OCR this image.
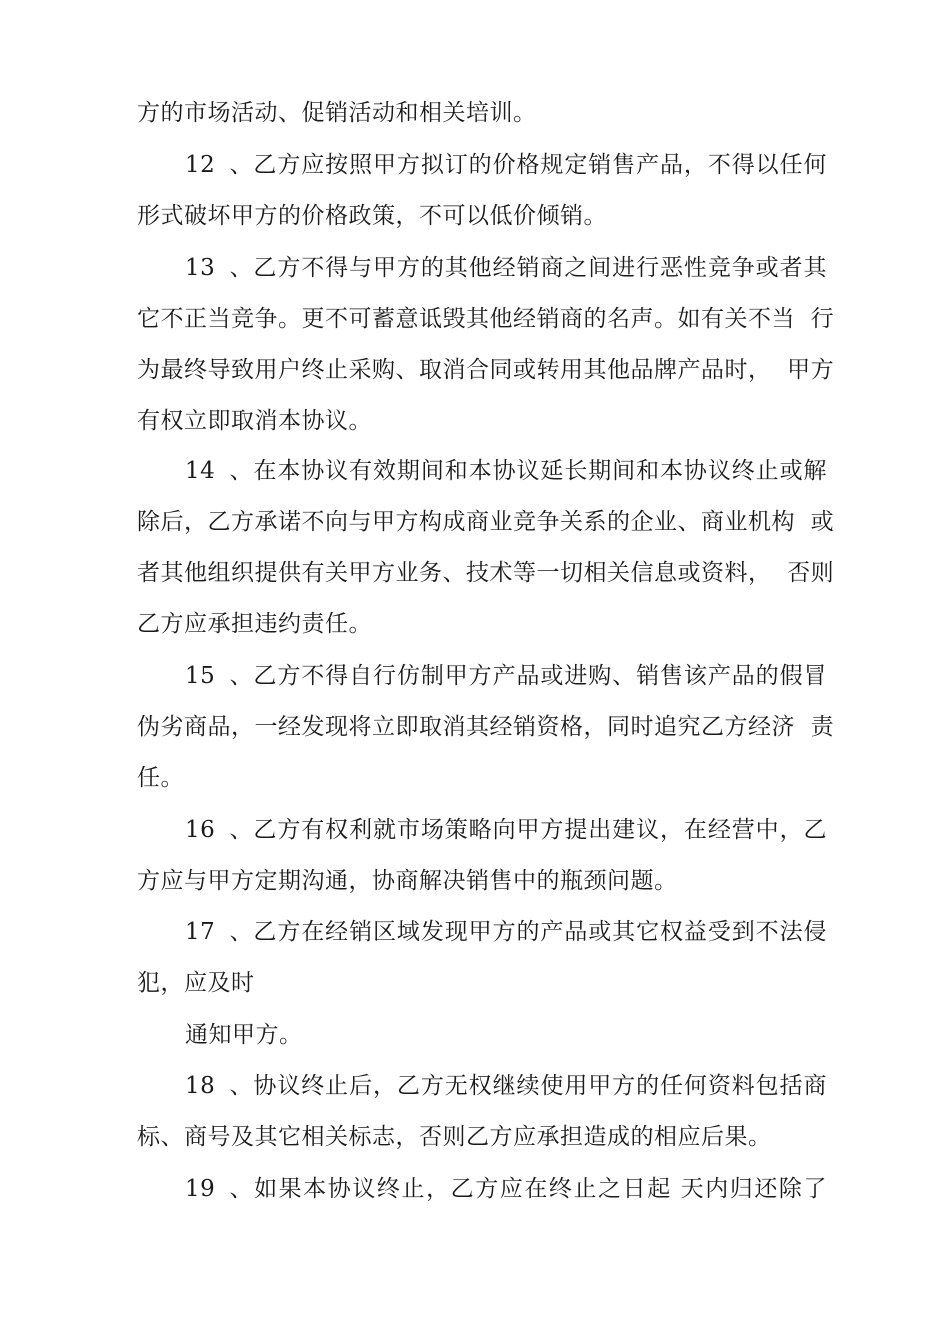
方的市场活动、促销活动和相关培训。
12、乙方应按照甲方拟订的价格规定销售产品，不得以任何
形式破坏甲方的价格政策，不可以低价倾销。
13、乙方不得与甲方的其他经销商之间进行恶性竞争或者其
它不正当竞争。更不可蓄意诋毁其他经销商的名声。如有关不当  行
为最终导致用户终止采购、取消合同或转用其他品牌产品时，  甲方
有权立即取消本协议。
14、在本协议有效期间和本协议延长期间和本协议终止或解
除后，乙方承诺不向与甲方构成商业竞争关系的企业、商业机构  或
者其他组织提供有关甲方业务、技术等一切相关信息或资料，  否则
乙方应承担违约责任。
15、乙方不得自行仿制甲方产品或进购、销售该产品的假冒
伪劣商品，一经发现将立即取消其经销资格，同时追究乙方经济  责
任。
16、乙方有权利就市场策略向甲方提出建议，在经营中，乙
方应与甲方定期沟通，协商解决销售中的瓶颈问题。
17、乙方在经销区域发现甲方的产品或其它权益受到不法侵
犯，应及时
通知甲方。
18、协议终止后，乙方无权继续使用甲方的任何资料包括商
标、商号及其它相关标志，否则乙方应承担造成的相应后果。
19、如果本协议终止，乙方应在终止之日起 天内归还除了
